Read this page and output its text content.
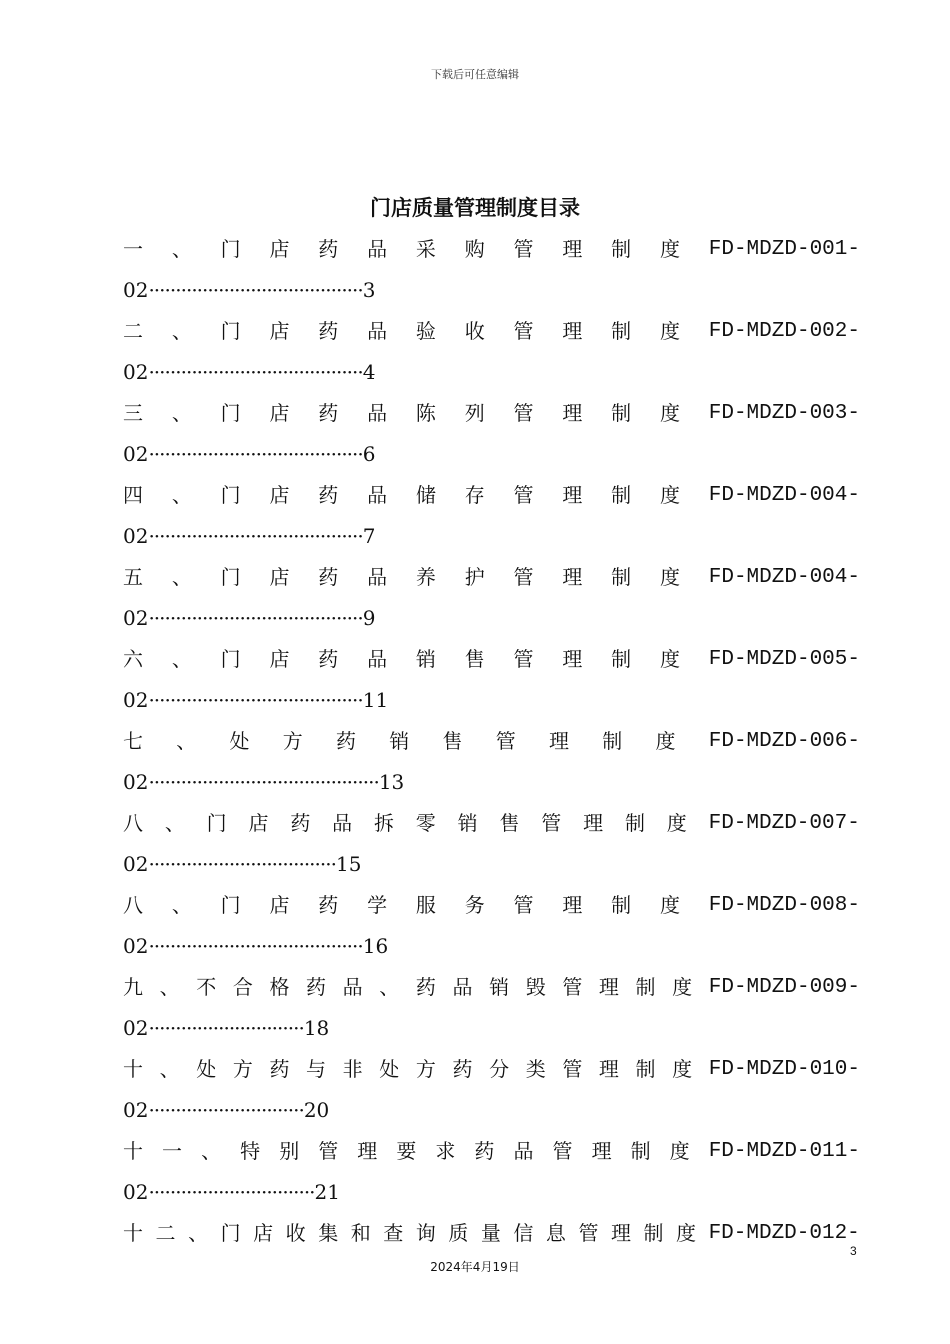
下载后可任意编辑
门店质量管理制度目录
一 、 门 店 药 品 采 购 管 理 制 度 FD-MDZD-001-
02········································3
二 、 门 店 药 品 验 收 管 理 制 度 FD-MDZD-002-
02········································4
三 、 门 店 药 品 陈 列 管 理 制 度 FD-MDZD-003-
02········································6
四 、 门 店 药 品 储 存 管 理 制 度 FD-MDZD-004-
02········································7
五 、 门 店 药 品 养 护 管 理 制 度 FD-MDZD-004-
02········································9
六 、 门 店 药 品 销 售 管 理 制 度 FD-MDZD-005-
02········································11
七 、 处 方 药 销 售 管 理 制 度 FD-MDZD-006-
02···········································13
八 、 门 店 药 品 拆 零 销 售 管 理 制 度 FD-MDZD-007-
02···································15
八 、 门 店 药 学 服 务 管 理 制 度 FD-MDZD-008-
02········································16
九 、 不 合 格 药 品 、 药 品 销 毁 管 理 制 度 FD-MDZD-009-
02·····························18
十 、 处 方 药 与 非 处 方 药 分 类 管 理 制 度 FD-MDZD-010-
02·····························20
十 一 、 特 别 管 理 要 求 药 品 管 理 制 度 FD-MDZD-011-
02·······························21
十 二 、 门 店 收 集 和 查 询 质 量 信 息 管 理 制 度 FD-MDZD-012-
3
2024年4月19日
